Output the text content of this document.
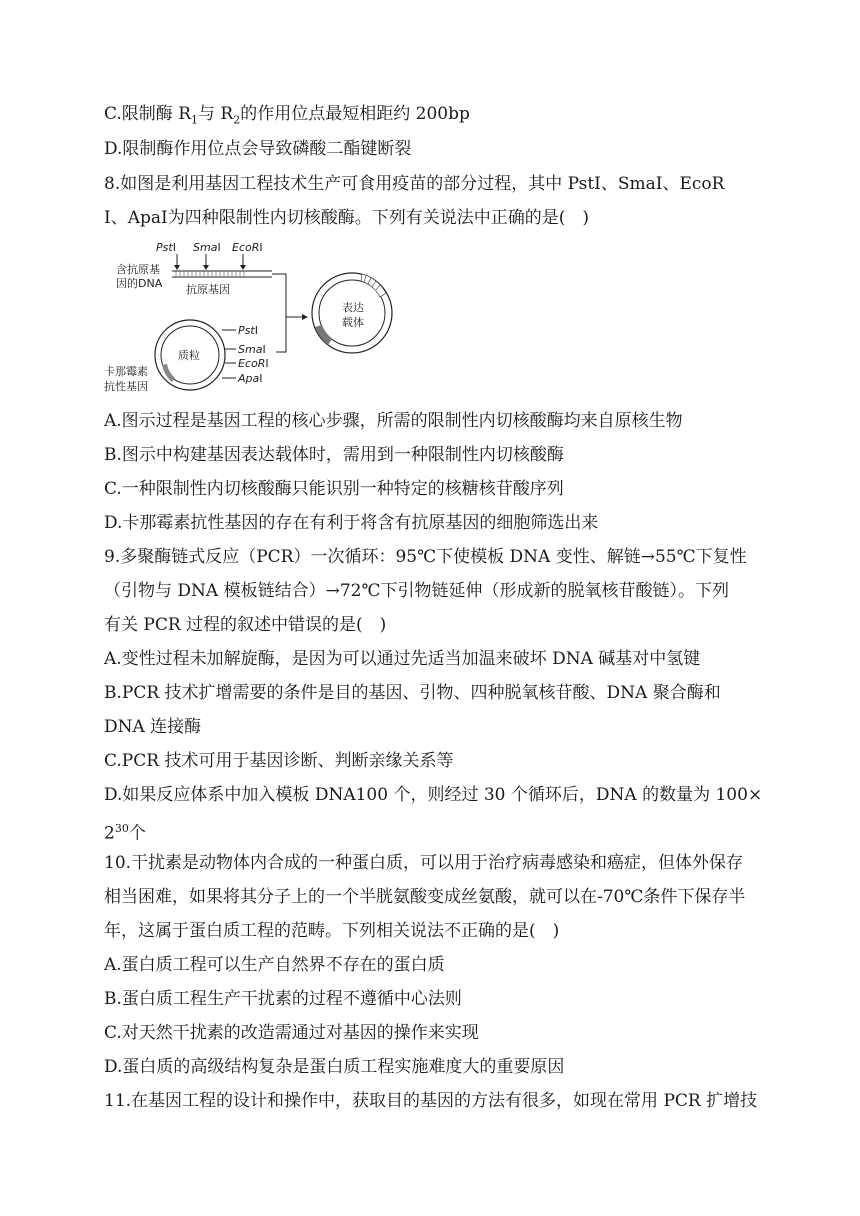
C.限制酶 $R_1$与 $R_2$的作用位点最短相距约 200bp
D.限制酶作用位点会导致磷酸二酯键断裂
8.如图是利用基因工程技术生产可食用疫苗的部分过程，其中 PstⅠ、SmaⅠ、EcoR
Ⅰ、ApaⅠ为四种限制性内切核酸酶。下列有关说法中正确的是(　)
PstⅠ SmaⅠ EcoRⅠ
含抗原基
因的DNA 抗原基因
表达
载体
质粒
PstⅠ
SmaⅠ
EcoRⅠ
ApaⅠ
卡那霉素
抗性基因
A.图示过程是基因工程的核心步骤，所需的限制性内切核酸酶均来自原核生物
B.图示中构建基因表达载体时，需用到一种限制性内切核酸酶
C.一种限制性内切核酸酶只能识别一种特定的核糖核苷酸序列
D.卡那霉素抗性基因的存在有利于将含有抗原基因的细胞筛选出来
9.多聚酶链式反应（PCR）一次循环：95℃下使模板 DNA 变性、解链→55℃下复性
（引物与 DNA 模板链结合）→72℃下引物链延伸（形成新的脱氧核苷酸链）。下列
有关 PCR 过程的叙述中错误的是(　)
A.变性过程未加解旋酶，是因为可以通过先适当加温来破坏 DNA 碱基对中氢键
B.PCR 技术扩增需要的条件是目的基因、引物、四种脱氧核苷酸、DNA 聚合酶和
DNA 连接酶
C.PCR 技术可用于基因诊断、判断亲缘关系等
D.如果反应体系中加入模板 DNA100 个，则经过 30 个循环后，DNA 的数量为 100×
$2^{30}$个
10.干扰素是动物体内合成的一种蛋白质，可以用于治疗病毒感染和癌症，但体外保存
相当困难，如果将其分子上的一个半胱氨酸变成丝氨酸，就可以在-70℃条件下保存半
年，这属于蛋白质工程的范畴。下列相关说法不正确的是(　)
A.蛋白质工程可以生产自然界不存在的蛋白质
B.蛋白质工程生产干扰素的过程不遵循中心法则
C.对天然干扰素的改造需通过对基因的操作来实现
D.蛋白质的高级结构复杂是蛋白质工程实施难度大的重要原因
11.在基因工程的设计和操作中，获取目的基因的方法有很多，如现在常用 PCR 扩增技
